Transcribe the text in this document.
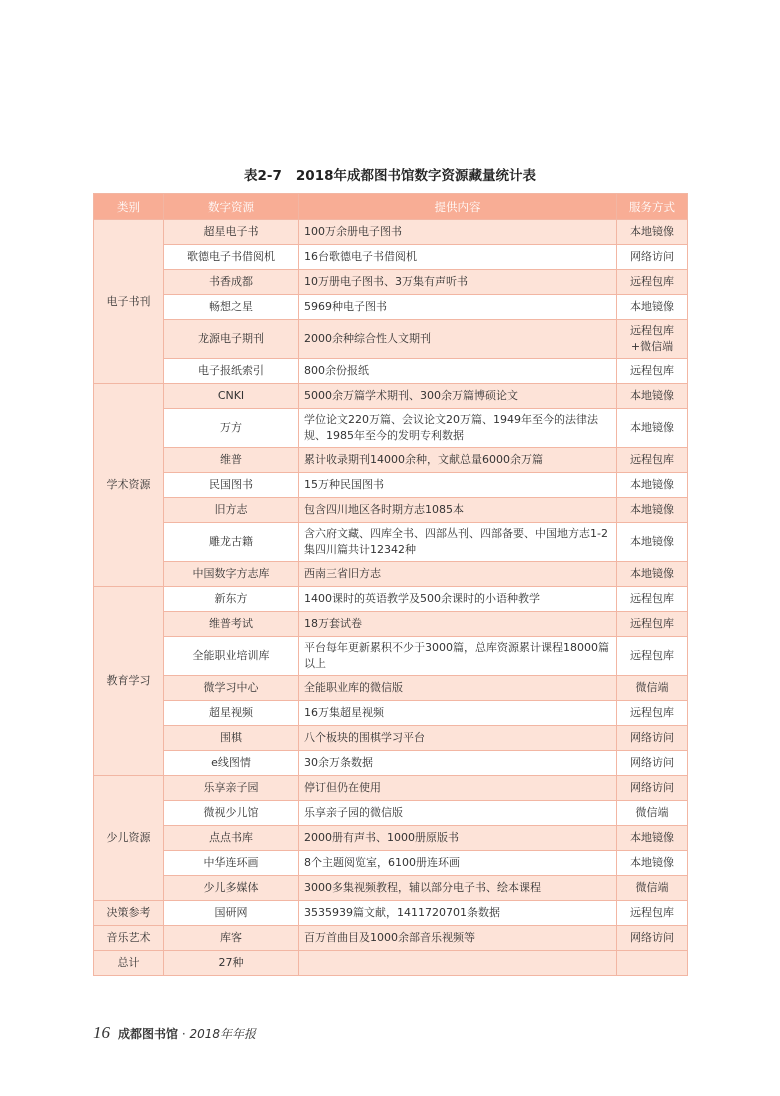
表2-7 2018年成都图书馆数字资源藏量统计表
类别	数字资源	提供内容	服务方式
电子书刊	超星电子书	100万余册电子图书	本地镜像
	歌德电子书借阅机	16台歌德电子书借阅机	网络访问
	书香成都	10万册电子图书、3万集有声听书	远程包库
	畅想之星	5969种电子图书	本地镜像
	龙源电子期刊	2000余种综合性人文期刊	远程包库+微信端
	电子报纸索引	800余份报纸	远程包库
学术资源	CNKI	5000余万篇学术期刊、300余万篇博硕论文	本地镜像
	万方	学位论文220万篇、会议论文20万篇、1949年至今的法律法规、1985年至今的发明专利数据	本地镜像
	维普	累计收录期刊14000余种，文献总量6000余万篇	远程包库
	民国图书	15万种民国图书	本地镜像
	旧方志	包含四川地区各时期方志1085本	本地镜像
	雕龙古籍	含六府文藏、四库全书、四部丛刊、四部备要、中国地方志1-2集四川篇共计12342种	本地镜像
	中国数字方志库	西南三省旧方志	本地镜像
教育学习	新东方	1400课时的英语教学及500余课时的小语种教学	远程包库
	维普考试	18万套试卷	远程包库
	全能职业培训库	平台每年更新累积不少于3000篇，总库资源累计课程18000篇以上	远程包库
	微学习中心	全能职业库的微信版	微信端
	超星视频	16万集超星视频	远程包库
	围棋	八个板块的围棋学习平台	网络访问
	e线图情	30余万条数据	网络访问
少儿资源	乐享亲子园	停订但仍在使用	网络访问
	微视少儿馆	乐享亲子园的微信版	微信端
	点点书库	2000册有声书、1000册原版书	本地镜像
	中华连环画	8个主题阅览室，6100册连环画	本地镜像
	少儿多媒体	3000多集视频教程，辅以部分电子书、绘本课程	微信端
决策参考	国研网	3535939篇文献，1411720701条数据	远程包库
音乐艺术	库客	百万首曲目及1000余部音乐视频等	网络访问
总计	27种		
16 成都图书馆 · 2018年年报
